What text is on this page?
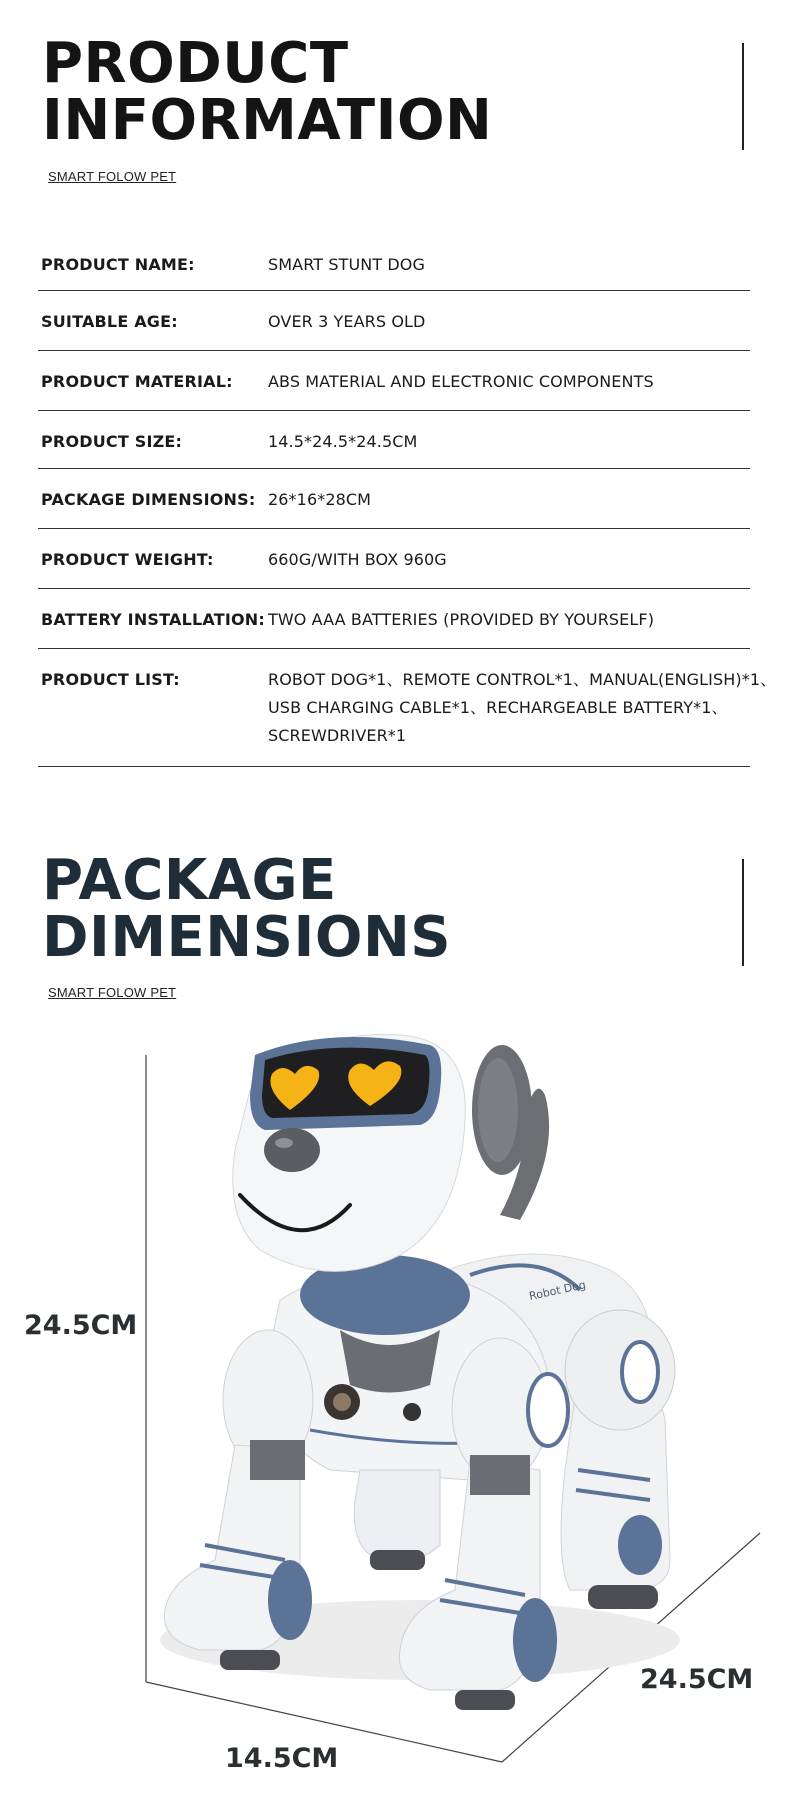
PRODUCT
INFORMATION
SMART FOLOW PET
PRODUCT NAME:	SMART STUNT DOG
SUITABLE AGE:	OVER 3 YEARS OLD
PRODUCT MATERIAL:	ABS MATERIAL AND ELECTRONIC COMPONENTS
PRODUCT SIZE:	14.5*24.5*24.5CM
PACKAGE DIMENSIONS: 26*16*28CM
PRODUCT WEIGHT:	660G/WITH BOX 960G
BATTERY INSTALLATION: TWO AAA BATTERIES (PROVIDED BY YOURSELF)
PRODUCT LIST:	ROBOT DOG*1、REMOTE CONTROL*1、MANUAL(ENGLISH)*1、
USB CHARGING CABLE*1、RECHARGEABLE BATTERY*1、
SCREWDRIVER*1
PACKAGE
DIMENSIONS
SMART FOLOW PET
Robot Dog
24.5CM
24.5CM
14.5CM
